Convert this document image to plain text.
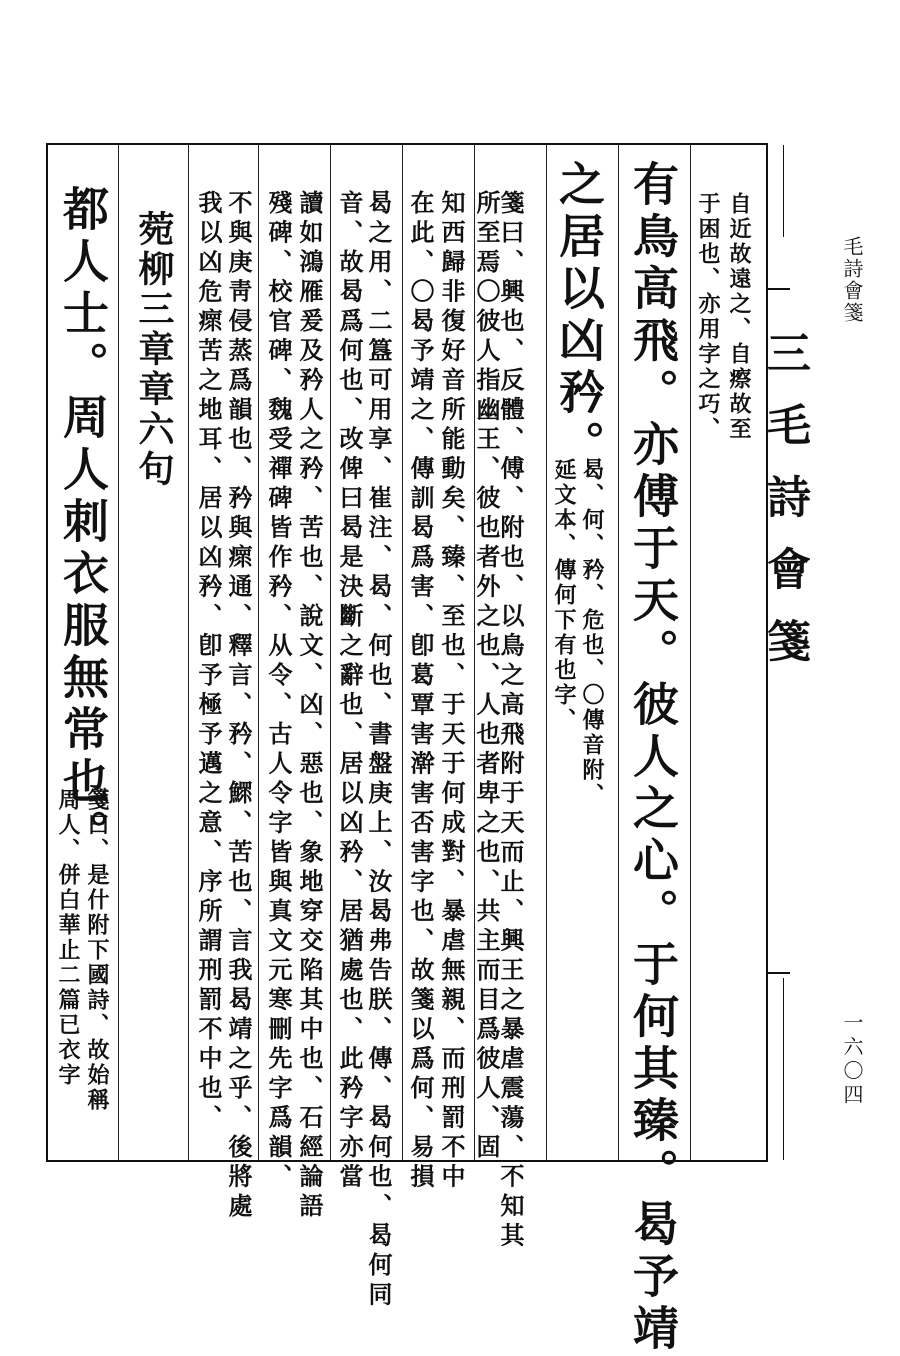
三毛詩會箋
毛詩會箋
一六〇四
自近故遠之、自瘵故至
于困也、亦用字之巧、
有鳥高飛。亦傅于天。彼人之心。于何其臻。曷予靖
之居以凶矜。
曷、何、矜、危也、〇傳音附、
延文本、傳何下有也字、
箋曰、興也、反體、傅、附也、以鳥之高飛附于天而止、興王之暴虐震蕩、不知其
所至焉〇彼人指幽王、彼也者外之也、人也者卑之也、共主而目爲彼人、固
知西歸非復好音所能動矣、臻、至也、于天于何成對、暴虐無親、而刑罰不中
在此、〇曷予靖之、傳訓曷爲害、卽葛覃害澣害否害字也、故箋以爲何、易損
曷之用、二簋可用享、崔注、曷、何也、書盤庚上、汝曷弗告朕、傳、曷何也、曷何同
音、故曷爲何也、改俾曰曷是決斷之辭也、居以凶矜、居猶處也、此矜字亦當
讀如鴻雁爰及矜人之矜、苦也、說文、凶、惡也、象地穿交陷其中也、石經論語
殘碑、校官碑、魏受禪碑皆作矜、从令、古人令字皆與真文元寒刪先字爲韻、
不與庚靑侵蒸爲韻也、矜與瘝通、釋言、矜、鰥、苦也、言我曷靖之乎、後將處
我以凶危瘝苦之地耳、居以凶矜、卽予極予邁之意、序所謂刑罰不中也、
菀柳三章章六句
都人士。周人刺衣服無常也。
箋曰、是什附下國詩、故始稱
周人、併白華止二篇已衣字
